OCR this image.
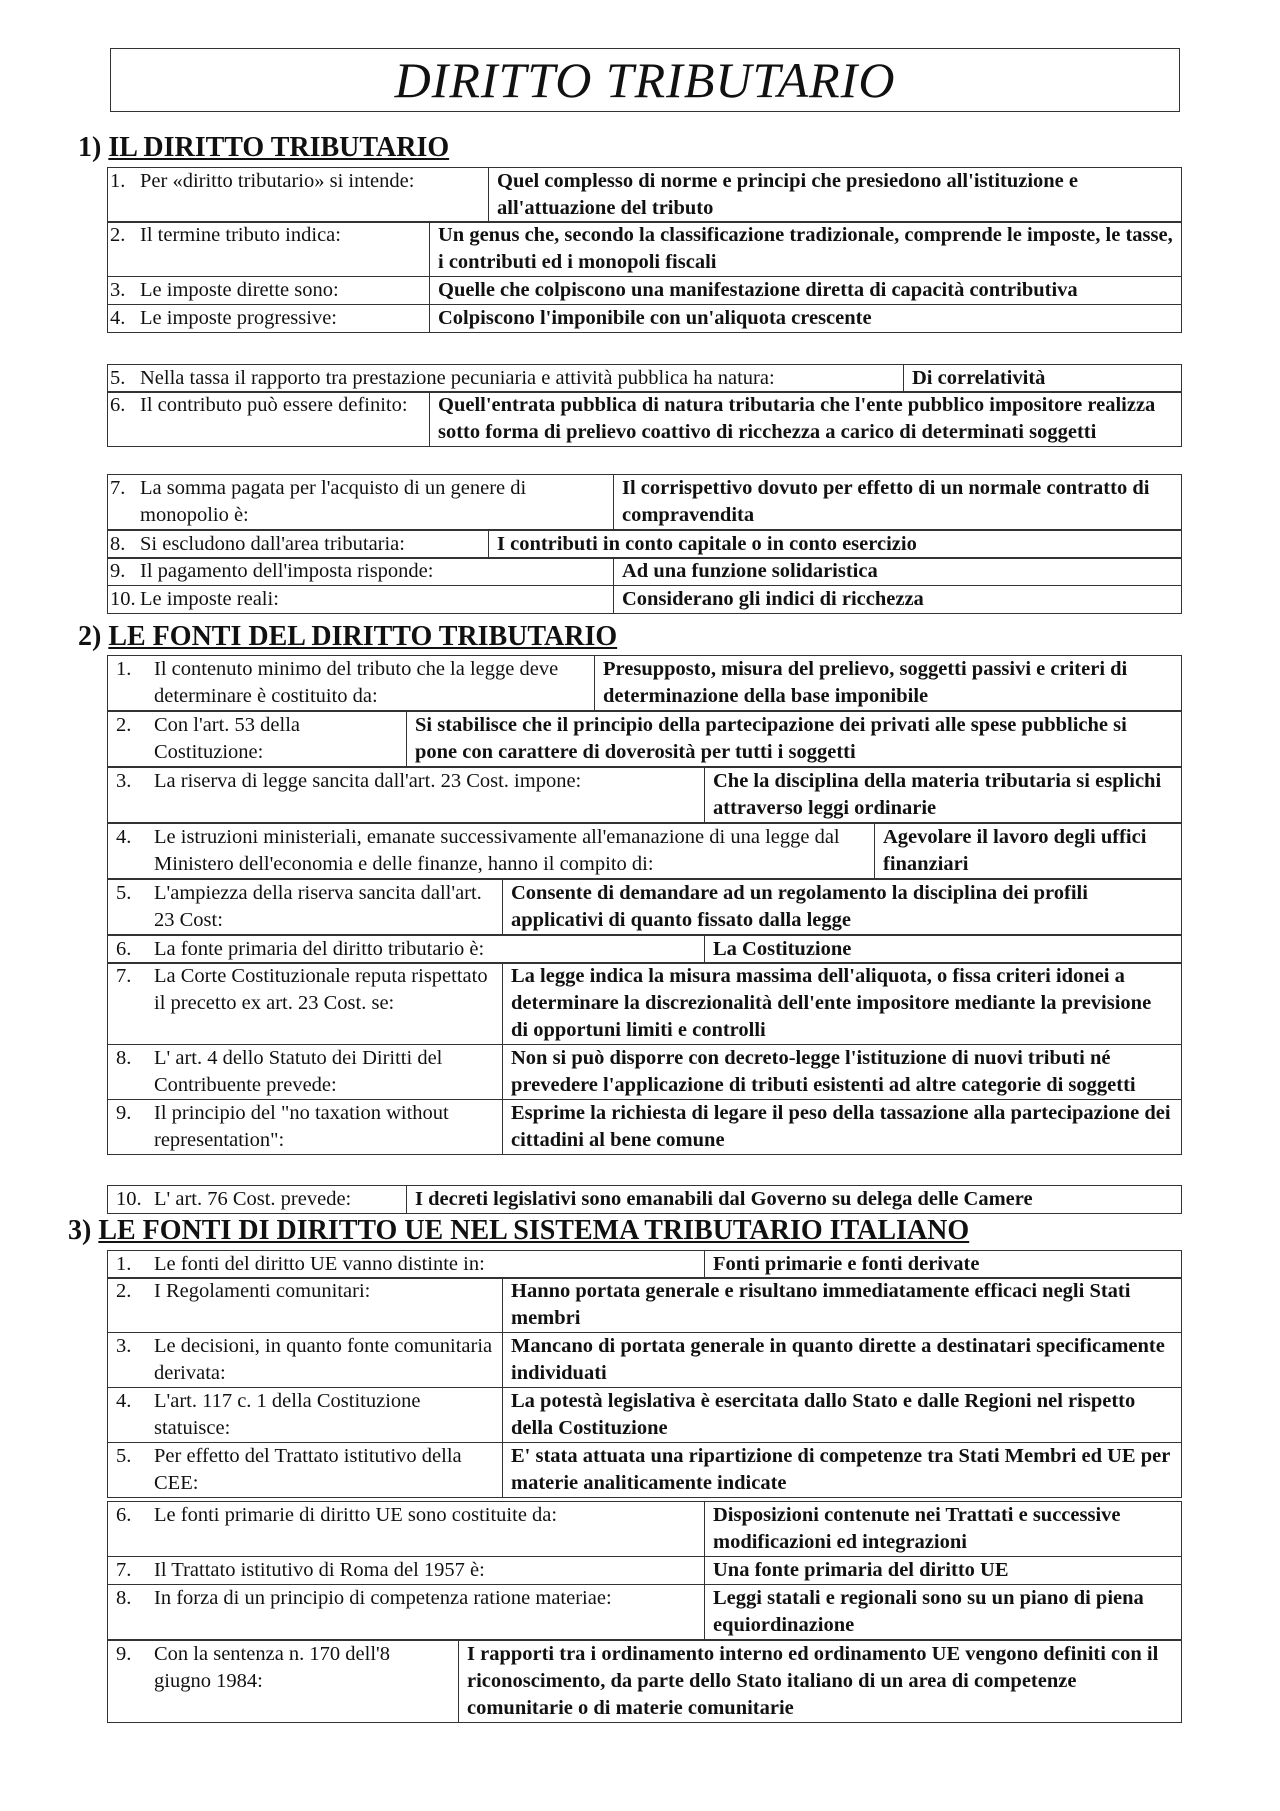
DIRITTO TRIBUTARIO
1) IL DIRITTO TRIBUTARIO
1. Per «diritto tributario» si intende:	Quel complesso di norme e principi che presiedono all'istituzione e all'attuazione del tributo
2. Il termine tributo indica:	Un genus che, secondo la classificazione tradizionale, comprende le imposte, le tasse, i contributi ed i monopoli fiscali

3. Le imposte dirette sono:	Quelle che colpiscono una manifestazione diretta di capacità contributiva

4. Le imposte progressive:	Colpiscono l'imponibile con un'aliquota crescente
5. Nella tassa il rapporto tra prestazione pecuniaria e attività pubblica ha natura:	Di correlatività
6. Il contributo può essere definito:	Quell'entrata pubblica di natura tributaria che l'ente pubblico impositore realizza sotto forma di prelievo coattivo di ricchezza a carico di determinati soggetti
7. La somma pagata per l'acquisto di un genere di monopolio è:
	Il corrispettivo dovuto per effetto di un normale contratto di compravendita
8. Si escludono dall'area tributaria:	I contributi in conto capitale o in conto esercizio
9. Il pagamento dell'imposta risponde:	Ad una funzione solidaristica

10. Le imposte reali:	Considerano gli indici di ricchezza
2) LE FONTI DEL DIRITTO TRIBUTARIO
1.	Il contenuto minimo del tributo che la legge deve determinare è costituito da:
	Presupposto, misura del prelievo, soggetti passivi e criteri di determinazione della base imponibile
2.	Con l'art. 53 della Costituzione:
	Si stabilisce che il principio della partecipazione dei privati alle spese pubbliche si pone con carattere di doverosità per tutti i soggetti
3.	La riserva di legge sancita dall'art. 23 Cost. impone:	Che la disciplina della materia tributaria si esplichi attraverso leggi ordinarie
4.	Le istruzioni ministeriali, emanate successivamente all'emanazione di una legge dal Ministero dell'economia e delle finanze, hanno il compito di:
	Agevolare il lavoro degli uffici finanziari
5.	L'ampiezza della riserva sancita dall'art. 23 Cost:
	Consente di demandare ad un regolamento la disciplina dei profili applicativi di quanto fissato dalla legge
6.	La fonte primaria del diritto tributario è:	La Costituzione
7. La Corte Costituzionale reputa rispettato il precetto ex art. 23 Cost. se:	La legge indica la misura massima dell'aliquota, o fissa criteri idonei a determinare la discrezionalità dell'ente impositore mediante la previsione di opportuni limiti e controlli

8. L' art. 4 dello Statuto dei Diritti del Contribuente prevede:	Non si può disporre con decreto-legge l'istituzione di nuovi tributi né prevedere l'applicazione di tributi esistenti ad altre categorie di soggetti

9. Il principio del "no taxation without representation":	Esprime la richiesta di legare il peso della tassazione alla partecipazione dei cittadini al bene comune
10. L' art. 76 Cost. prevede:	I decreti legislativi sono emanabili dal Governo su delega delle Camere
3) LE FONTI DI DIRITTO UE NEL SISTEMA TRIBUTARIO ITALIANO
1.	Le fonti del diritto UE vanno distinte in:	Fonti primarie e fonti derivate
2. I Regolamenti comunitari:	Hanno portata generale e risultano immediatamente efficaci negli Stati membri

3. Le decisioni, in quanto fonte comunitaria derivata:	Mancano di portata generale in quanto dirette a destinatari specificamente individuati

4. L'art. 117 c. 1 della Costituzione statuisce:	La potestà legislativa è esercitata dallo Stato e dalle Regioni nel rispetto della Costituzione

5. Per effetto del Trattato istitutivo della CEE:	E' stata attuata una ripartizione di competenze tra Stati Membri ed UE per materie analiticamente indicate
6. Le fonti primarie di diritto UE sono costituite da:	Disposizioni contenute nei Trattati e successive modificazioni ed integrazioni

7. Il Trattato istitutivo di Roma del 1957 è:	Una fonte primaria del diritto UE

8. In forza di un principio di competenza ratione materiae:	Leggi statali e regionali sono su un piano di piena equiordinazione
9.	Con la sentenza n. 170 dell'8 giugno 1984:
	I rapporti tra i ordinamento interno ed ordinamento UE vengono definiti con il riconoscimento, da parte dello Stato italiano di un area di competenze comunitarie o di materie comunitarie
